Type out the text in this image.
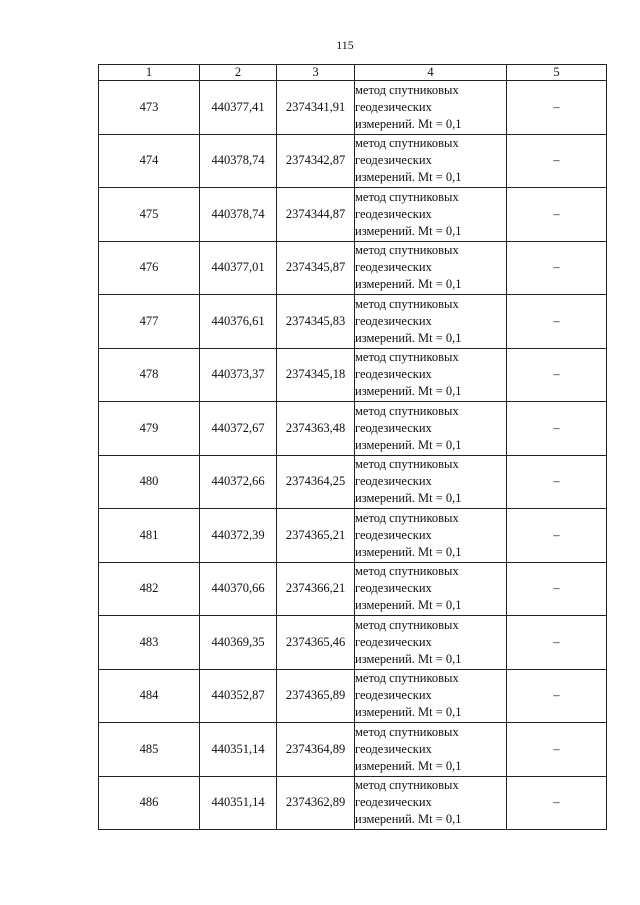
115
1	2	3	4	5
473	440377,41	2374341,91	метод спутниковых
геодезических
измерений. Mt = 0,1	–
474	440378,74	2374342,87	метод спутниковых
геодезических
измерений. Mt = 0,1	–
475	440378,74	2374344,87	метод спутниковых
геодезических
измерений. Mt = 0,1	–
476	440377,01	2374345,87	метод спутниковых
геодезических
измерений. Mt = 0,1	–
477	440376,61	2374345,83	метод спутниковых
геодезических
измерений. Mt = 0,1	–
478	440373,37	2374345,18	метод спутниковых
геодезических
измерений. Mt = 0,1	–
479	440372,67	2374363,48	метод спутниковых
геодезических
измерений. Mt = 0,1	–
480	440372,66	2374364,25	метод спутниковых
геодезических
измерений. Mt = 0,1	–
481	440372,39	2374365,21	метод спутниковых
геодезических
измерений. Mt = 0,1	–
482	440370,66	2374366,21	метод спутниковых
геодезических
измерений. Mt = 0,1	–
483	440369,35	2374365,46	метод спутниковых
геодезических
измерений. Mt = 0,1	–
484	440352,87	2374365,89	метод спутниковых
геодезических
измерений. Mt = 0,1	–
485	440351,14	2374364,89	метод спутниковых
геодезических
измерений. Mt = 0,1	–
486	440351,14	2374362,89	метод спутниковых
геодезических
измерений. Mt = 0,1	–
